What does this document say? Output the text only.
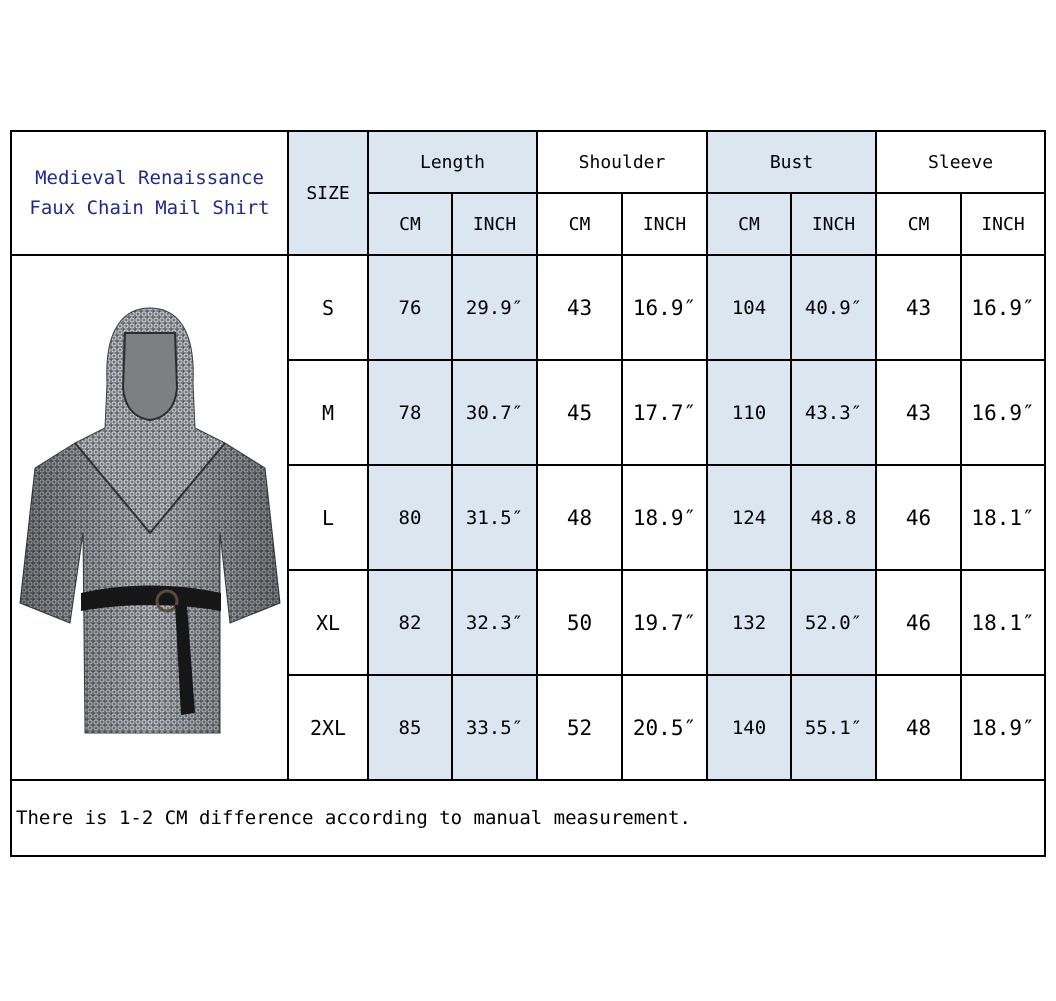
Medieval Renaissance
Faux Chain Mail Shirt	SIZE	Length		Shoulder		Bust		Sleeve	
		CM	INCH	CM	INCH	CM	INCH	CM	INCH

	S	76	29.9″	43	16.9″	104	40.9″	43	16.9″
	M	78	30.7″	45	17.7″	110	43.3″	43	16.9″
	L	80	31.5″	48	18.9″	124	48.8	46	18.1″
	XL	82	32.3″	50	19.7″	132	52.0″	46	18.1″
	2XL	85	33.5″	52	20.5″	140	55.1″	48	18.9″
There is 1-2 CM difference according to manual measurement.									
